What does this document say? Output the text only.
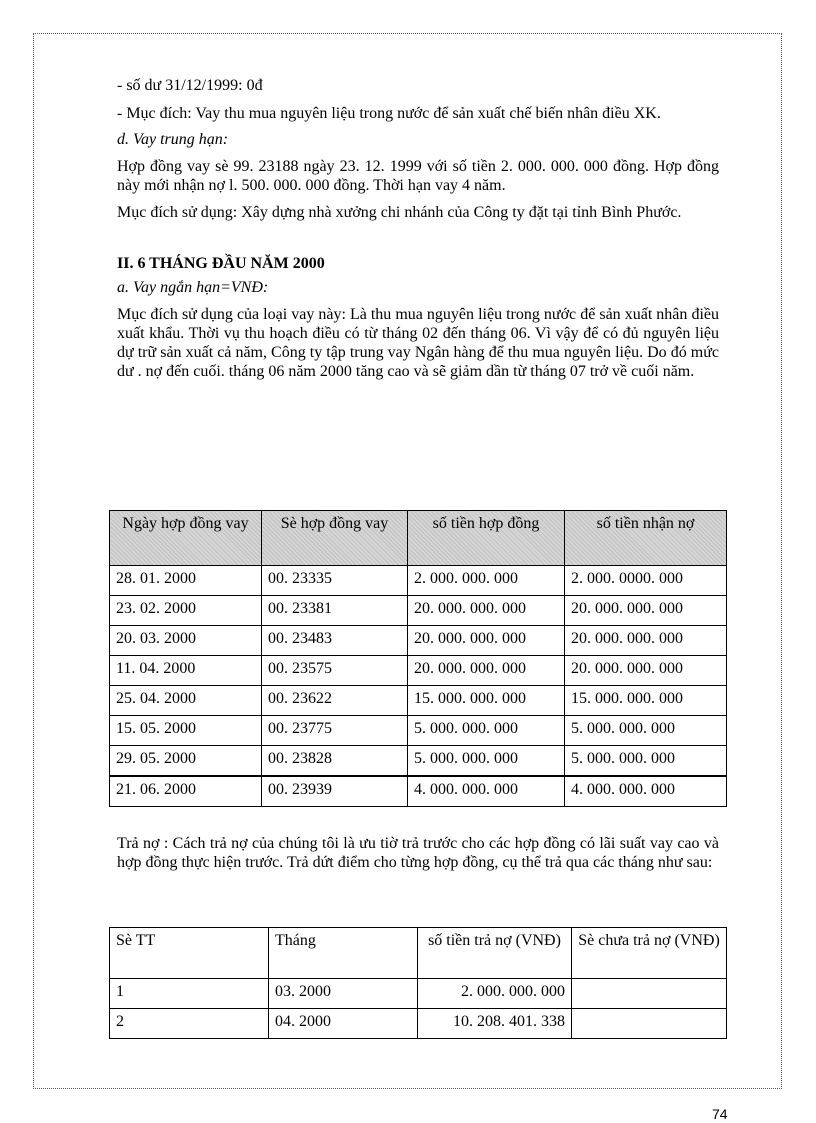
- số dư 31/12/1999: 0đ

- Mục đích: Vay thu mua nguyên liệu trong nước để sản xuất chế biến nhân điều XK.

d. Vay trung hạn:

Hợp đồng vay sè 99. 23188 ngày 23. 12. 1999 với số tiền 2. 000. 000. 000 đồng. Hợp đồng này mới nhận nợ l. 500. 000. 000 đồng. Thời hạn vay 4 năm.

Mục đích sử dụng: Xây dựng nhà xưởng chi nhánh của Công ty đặt tại tỉnh Bình Phước.

II. 6 THÁNG ĐẦU NĂM 2000

a. Vay ngắn hạn=VNĐ:

Mục đích sử dụng của loại vay này: Là thu mua nguyên liệu trong nước để sản xuất nhân điều xuất khẩu. Thời vụ thu hoạch điều có từ tháng 02 đến tháng 06. Vì vậy để có đủ nguyên liệu dự trữ sản xuất cả năm, Công ty tập trung vay Ngân hàng để thu mua nguyên liệu. Do đó mức dư . nợ đến cuối. tháng 06 năm 2000 tăng cao và sẽ giảm dần từ tháng 07 trở về cuối năm.

Ngày hợp đồng vay	Sè hợp đồng vay	số tiền hợp đồng	số tiền nhận nợ
28. 01. 2000	00. 23335	2. 000. 000. 000	2. 000. 0000. 000
23. 02. 2000	00. 23381	20. 000. 000. 000	20. 000. 000. 000
20. 03. 2000	00. 23483	20. 000. 000. 000	20. 000. 000. 000
11. 04. 2000	00. 23575	20. 000. 000. 000	20. 000. 000. 000
25. 04. 2000	00. 23622	15. 000. 000. 000	15. 000. 000. 000
15. 05. 2000	00. 23775	5. 000. 000. 000	5. 000. 000. 000
29. 05. 2000	00. 23828	5. 000. 000. 000	5. 000. 000. 000
21. 06. 2000	00. 23939	4. 000. 000. 000	4. 000. 000. 000

Trả nợ : Cách trả nợ của chúng tôi là ưu tiờ trả trước cho các hợp đồng có lãi suất vay cao và hợp đồng thực hiện trước. Trả dứt điểm cho từng hợp đồng, cụ thể trả qua các tháng như sau:

Sè TT	Tháng	số tiền trả nợ (VNĐ)	Sè chưa trả nợ (VNĐ)
1	03. 2000	2. 000. 000. 000	
2	04. 2000	10. 208. 401. 338	
74
